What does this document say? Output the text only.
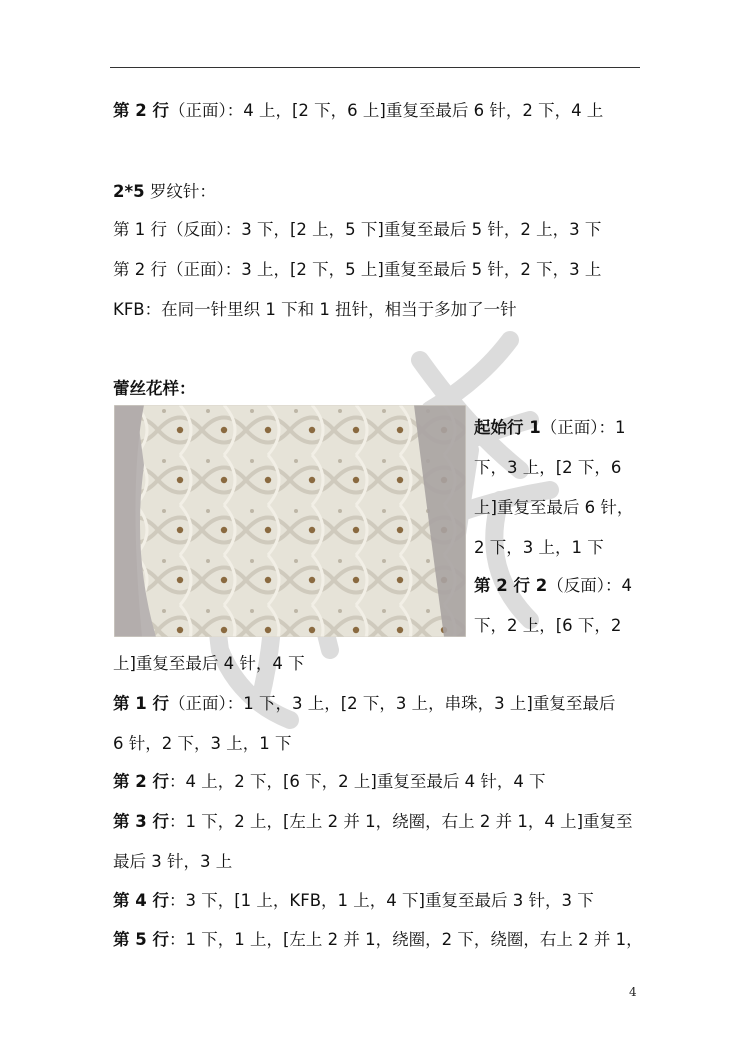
第 2 行（正面）：4 上，[2 下，6 上]重复至最后 6 针，2 下，4 上
2*5 罗纹针：
第 1 行（反面）：3 下，[2 上，5 下]重复至最后 5 针，2 上，3 下
第 2 行（正面）：3 上，[2 下，5 上]重复至最后 5 针，2 下，3 上
KFB：在同一针里织 1 下和 1 扭针，相当于多加了一针
蕾丝花样：
起始行 1（正面）：1
下，3 上，[2 下，6
上]重复至最后 6 针，
2 下，3 上，1 下
第 2 行 2（反面）：4
下，2 上，[6 下，2
上]重复至最后 4 针，4 下
第 1 行（正面）：1 下，3 上，[2 下，3 上，串珠，3 上]重复至最后
6 针，2 下，3 上，1 下
第 2 行：4 上，2 下，[6 下，2 上]重复至最后 4 针，4 下
第 3 行：1 下，2 上，[左上 2 并 1，绕圈，右上 2 并 1，4 上]重复至
最后 3 针，3 上
第 4 行：3 下，[1 上，KFB，1 上，4 下]重复至最后 3 针，3 下
第 5 行：1 下，1 上，[左上 2 并 1，绕圈，2 下，绕圈，右上 2 并 1，
4
